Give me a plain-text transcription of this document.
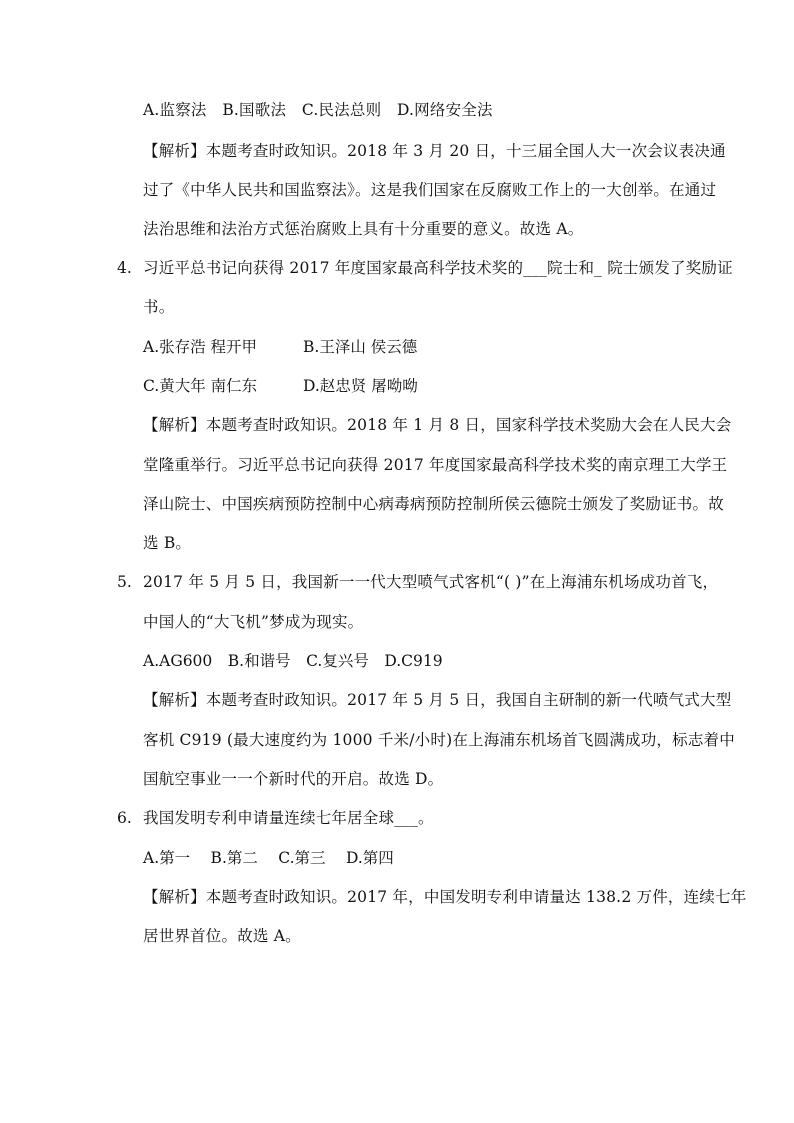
A.监察法　B.国歌法　C.民法总则　D.网络安全法
【解析】本题考查时政知识。2018 年 3 月 20 日，十三届全国人大一次会议表决通
过了《中华人民共和国监察法》。这是我们国家在反腐败工作上的一大创举。在通过
法治思维和法治方式惩治腐败上具有十分重要的意义。故选 A。
4. 习近平总书记向获得 2017 年度国家最高科学技术奖的___院士和_ 院士颁发了奖励证
书。
A.张存浩 程开甲	B.王泽山 侯云德
C.黄大年 南仁东	D.赵忠贤 屠呦呦
【解析】本题考查时政知识。2018 年 1 月 8 日，国家科学技术奖励大会在人民大会
堂隆重举行。习近平总书记向获得 2017 年度国家最高科学技术奖的南京理工大学王
泽山院士、中国疾病预防控制中心病毒病预防控制所侯云德院士颁发了奖励证书。故
选 B。
5. 2017 年 5 月 5 日，我国新一一代大型喷气式客机“( )”在上海浦东机场成功首飞，
中国人的“大飞机”梦成为现实。
A.AG600　B.和谐号　C.复兴号　D.C919
【解析】本题考查时政知识。2017 年 5 月 5 日，我国自主研制的新一代喷气式大型
客机 C919 (最大速度约为 1000 千米/小时)在上海浦东机场首飞圆满成功，标志着中
国航空事业一一个新时代的开启。故选 D。
6. 我国发明专利申请量连续七年居全球___。
A.第一　 B.第二　 C.第三　 D.第四
【解析】本题考查时政知识。2017 年，中国发明专利申请量达 138.2 万件，连续七年
居世界首位。故选 A。
